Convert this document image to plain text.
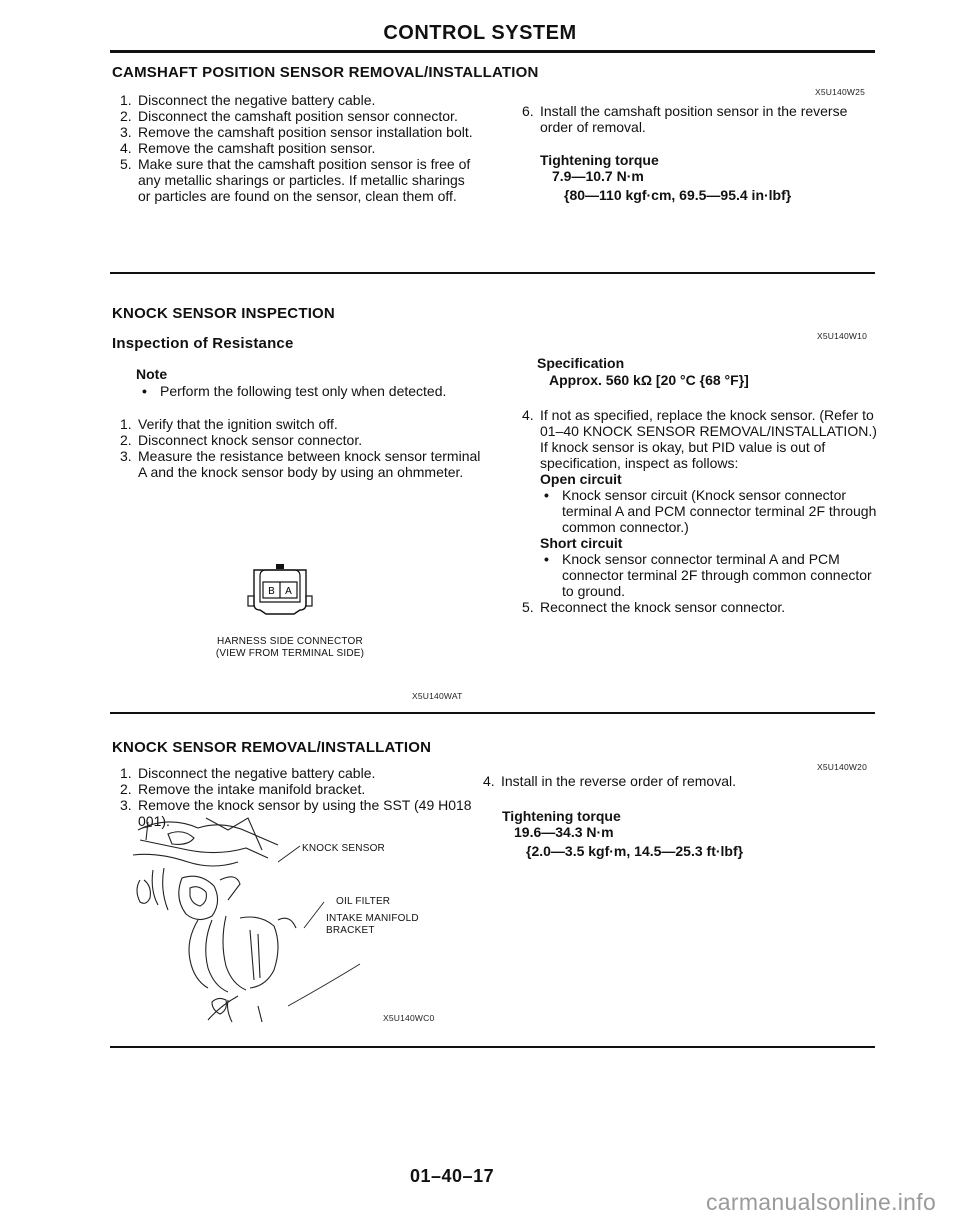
CONTROL SYSTEM
CAMSHAFT POSITION SENSOR REMOVAL/INSTALLATION
X5U140W25
1. Disconnect the negative battery cable.
2. Disconnect the camshaft position sensor connector.
3. Remove the camshaft position sensor installation bolt.
4. Remove the camshaft position sensor.
5. Make sure that the camshaft position sensor is free of any metallic sharings or particles. If metallic sharings or particles are found on the sensor, clean them off.
6. Install the camshaft position sensor in the reverse order of removal.
Tightening torque
7.9—10.7 N·m
{80—110 kgf·cm, 69.5—95.4 in·lbf}
KNOCK SENSOR INSPECTION
Inspection of Resistance	X5U140W10
Note
• Perform the following test only when detected.
1. Verify that the ignition switch off.
2. Disconnect knock sensor connector.
3. Measure the resistance between knock sensor terminal A and the knock sensor body by using an ohmmeter.
B A
HARNESS SIDE CONNECTOR
(VIEW FROM TERMINAL SIDE)
X5U140WAT
Specification
Approx. 560 kΩ [20 °C {68 °F}]
4. If not as specified, replace the knock sensor. (Refer to 01–40 KNOCK SENSOR REMOVAL/INSTALLATION.) If knock sensor is okay, but PID value is out of specification, inspect as follows:
Open circuit
• Knock sensor circuit (Knock sensor connector terminal A and PCM connector terminal 2F through common connector.)
Short circuit
• Knock sensor connector terminal A and PCM connector terminal 2F through common connector to ground.
5. Reconnect the knock sensor connector.
KNOCK SENSOR REMOVAL/INSTALLATION
X5U140W20
1. Disconnect the negative battery cable.
2. Remove the intake manifold bracket.
3. Remove the knock sensor by using the SST (49 H018 001).
KNOCK SENSOR
OIL FILTER
INTAKE MANIFOLD
BRACKET
X5U140WC0
4. Install in the reverse order of removal.
Tightening torque
19.6—34.3 N·m
{2.0—3.5 kgf·m, 14.5—25.3 ft·lbf}
01–40–17
carmanualsonline.info
